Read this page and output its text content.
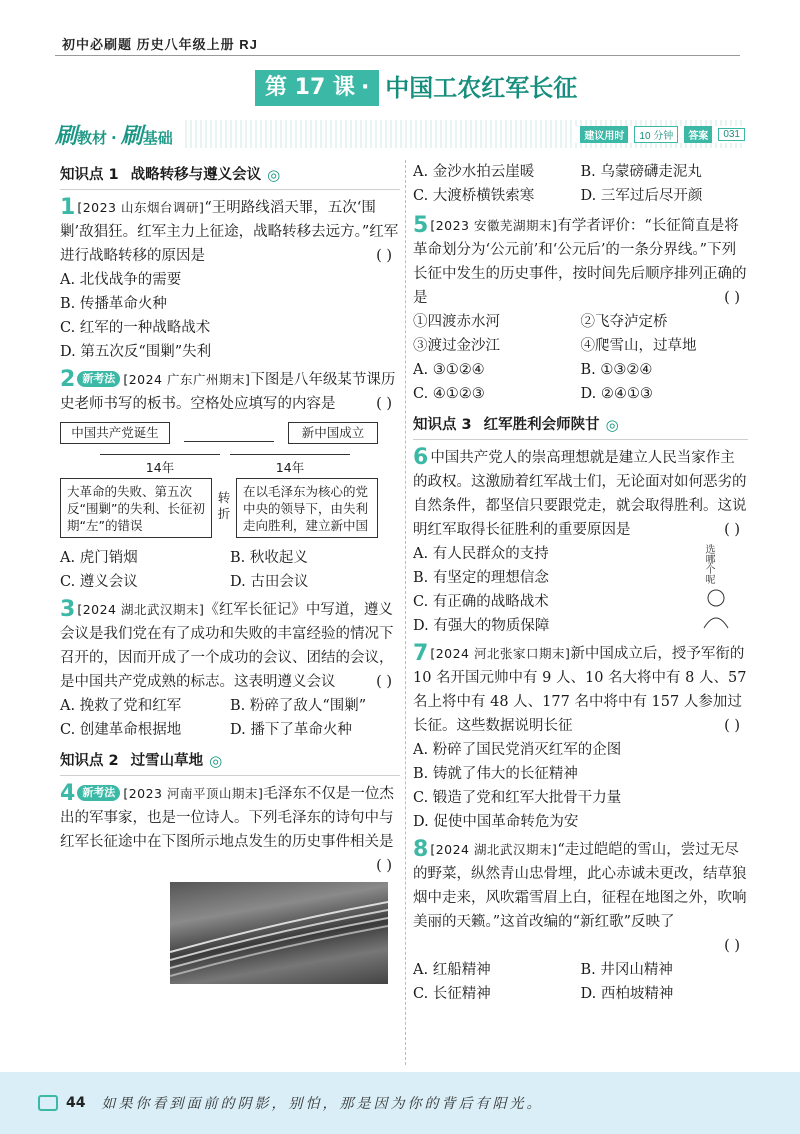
初中必刷题 历史八年级上册 RJ
第 17 课 · 中国工农红军长征
刷 教材 · 刷 基础	建议用时	10 分钟	答案	031
知识点 1 战略转移与遵义会议 ◎
1 [2023 山东烟台调研]“王明路线滔天罪，五次‘围剿’敌猖狂。红军主力上征途，战略转移去远方。”红军进行战略转移的原因是	( )
A. 北伐战争的需要
B. 传播革命火种
C. 红军的一种战略战术
D. 第五次反“围剿”失利
2 新考法 [2024 广东广州期末]下图是八年级某节课历史老师书写的板书。空格处应填写的内容是	( )
中国共产党诞生	新中国成立
14年	14年
大革命的失败、第五次反“围剿”的失利、长征初期“左”的错误
转折
在以毛泽东为核心的党中央的领导下，由失利走向胜利，建立新中国
A. 虎门销烟	B. 秋收起义
C. 遵义会议	D. 古田会议
3 [2024 湖北武汉期末]《红军长征记》中写道，遵义会议是我们党在有了成功和失败的丰富经验的情况下召开的，因而开成了一个成功的会议、团结的会议，是中国共产党成熟的标志。这表明遵义会议	( )
A. 挽救了党和红军	B. 粉碎了敌人“围剿”
C. 创建革命根据地	D. 播下了革命火种
知识点 2 过雪山草地 ◎
4 新考法 [2023 河南平顶山期末]毛泽东不仅是一位杰出的军事家，也是一位诗人。下列毛泽东的诗句中与红军长征途中在下图所示地点发生的历史事件相关是
( )
A. 金沙水拍云崖暖	B. 乌蒙磅礴走泥丸
C. 大渡桥横铁索寒	D. 三军过后尽开颜
5 [2023 安徽芜湖期末]有学者评价：“长征简直是将革命划分为‘公元前’和‘公元后’的一条分界线。”下列长征中发生的历史事件，按时间先后顺序排列正确的是	( )
①四渡赤水河	②飞夺泸定桥
③渡过金沙江	④爬雪山，过草地
A. ③①②④	B. ①③②④
C. ④①②③	D. ②④①③
知识点 3 红军胜利会师陕甘 ◎
6 中国共产党人的崇高理想就是建立人民当家作主的政权。这激励着红军战士们，无论面对如何恶劣的自然条件，都坚信只要跟党走，就会取得胜利。这说明红军取得长征胜利的重要原因是	( )
A. 有人民群众的支持
B. 有坚定的理想信念
C. 有正确的战略战术
D. 有强大的物质保障
选哪个呢
7 [2024 河北张家口期末]新中国成立后，授予军衔的 10 名开国元帅中有 9 人、10 名大将中有 8 人、57 名上将中有 48 人、177 名中将中有 157 人参加过长征。这些数据说明长征	( )
A. 粉碎了国民党消灭红军的企图
B. 铸就了伟大的长征精神
C. 锻造了党和红军大批骨干力量
D. 促使中国革命转危为安
8 [2024 湖北武汉期末]“走过皑皑的雪山，尝过无尽的野菜，纵然青山忠骨埋，此心赤诚未更改，结草狼烟中走来，风吹霜雪眉上白，征程在地图之外，吹响美丽的天籁。”这首改编的“新红歌”反映了
( )
A. 红船精神	B. 井冈山精神
C. 长征精神	D. 西柏坡精神
44 如果你看到面前的阴影，别怕，那是因为你的背后有阳光。
